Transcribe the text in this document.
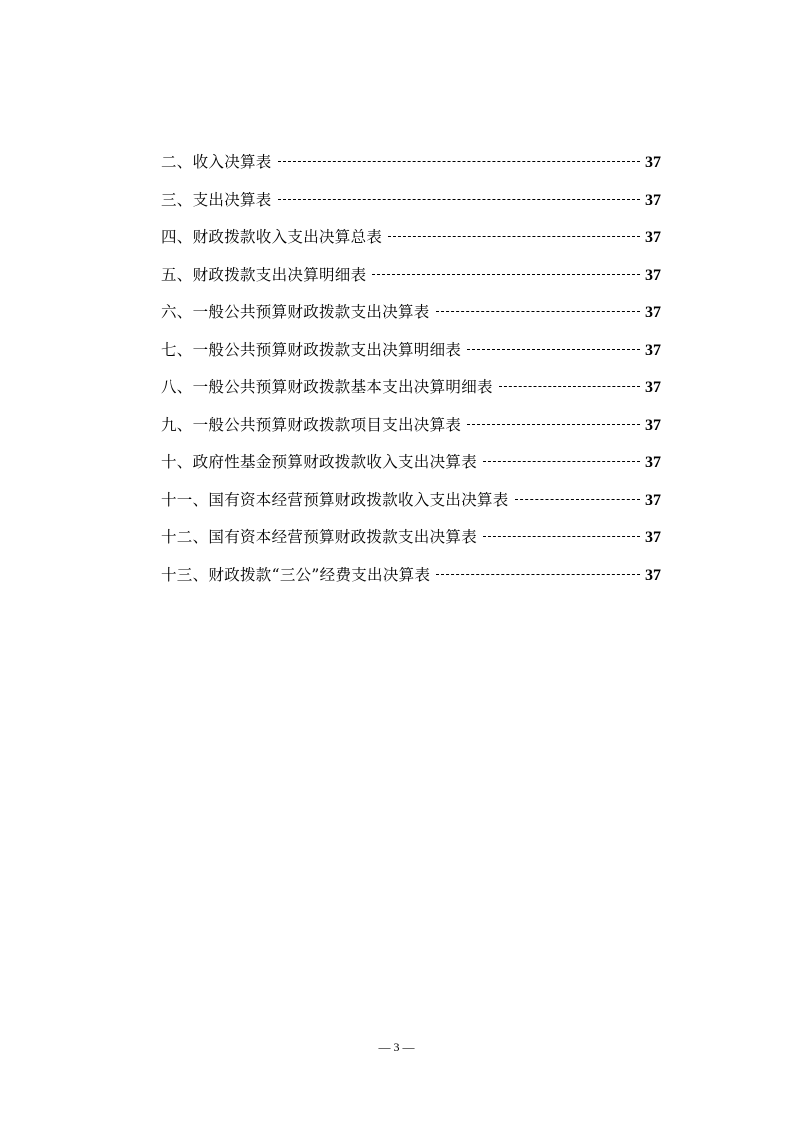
二、收入决算表	37
三、支出决算表	37
四、财政拨款收入支出决算总表	37
五、财政拨款支出决算明细表	37
六、一般公共预算财政拨款支出决算表	37
七、一般公共预算财政拨款支出决算明细表	37
八、一般公共预算财政拨款基本支出决算明细表	37
九、一般公共预算财政拨款项目支出决算表	37
十、政府性基金预算财政拨款收入支出决算表	37
十一、国有资本经营预算财政拨款收入支出决算表	37
十二、国有资本经营预算财政拨款支出决算表	37
十三、财政拨款“三公”经费支出决算表	37
— 3 —
